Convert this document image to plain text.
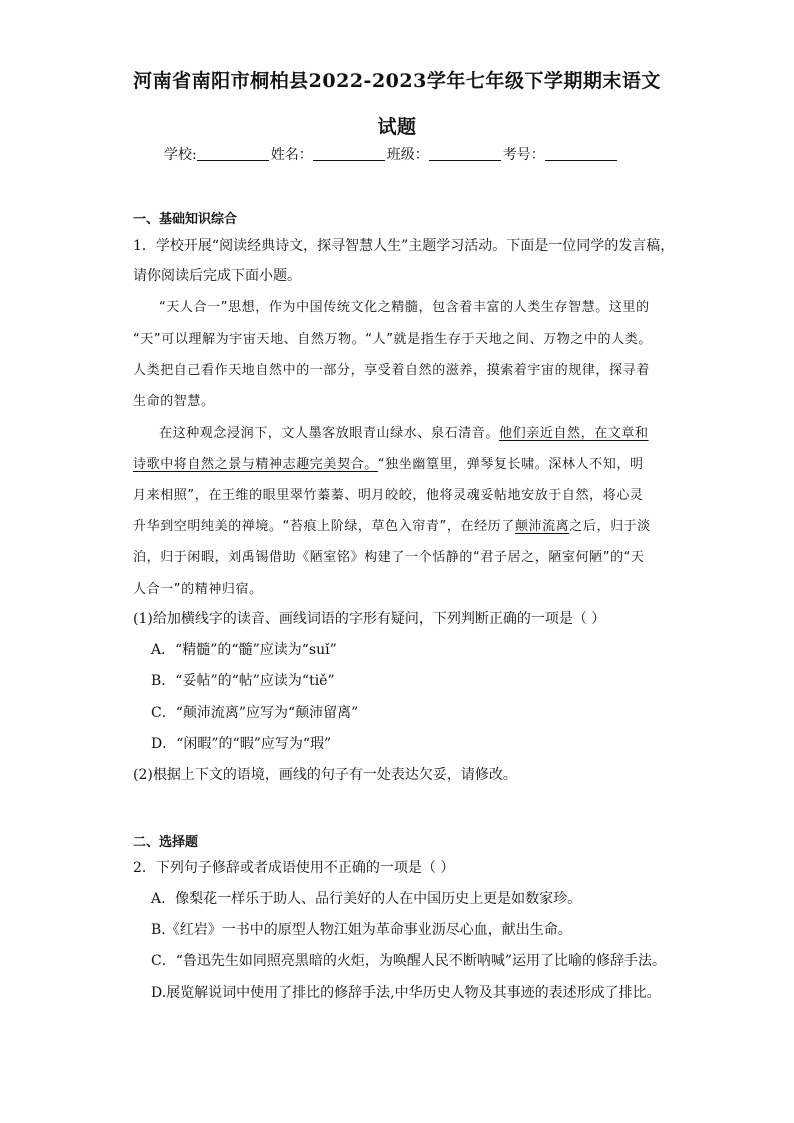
河南省南阳市桐柏县2022-2023学年七年级下学期期末语文
试题
学校:	姓名：	班级：	考号：
一、基础知识综合
1．学校开展“阅读经典诗文，探寻智慧人生”主题学习活动。下面是一位同学的发言稿，
请你阅读后完成下面小题。
“天人合一”思想，作为中国传统文化之精髓，包含着丰富的人类生存智慧。这里的
“天”可以理解为宇宙天地、自然万物。“人”就是指生存于天地之间、万物之中的人类。
人类把自己看作天地自然中的一部分，享受着自然的滋养，摸索着宇宙的规律，探寻着
生命的智慧。
在这种观念浸润下，文人墨客放眼青山绿水、泉石清音。他们亲近自然，在文章和
诗歌中将自然之景与精神志趣完美契合。“独坐幽篁里，弹琴复长啸。深林人不知，明
月来相照”，在王维的眼里翠竹蓁蓁、明月皎皎，他将灵魂妥帖地安放于自然，将心灵
升华到空明纯美的禅境。“苔痕上阶绿，草色入帘青”，在经历了颠沛流离之后，归于淡
泊，归于闲暇，刘禹锡借助《陋室铭》构建了一个恬静的“君子居之，陋室何陋”的“天
人合一”的精神归宿。
(1)给加横线字的读音、画线词语的字形有疑问，下列判断正确的一项是（ ）
A．“精髓”的“髓”应读为“suǐ”
B．“妥帖”的“帖”应读为“tiě”
C．“颠沛流离”应写为“颠沛留离”
D．“闲暇”的“暇”应写为“瑕”
(2)根据上下文的语境，画线的句子有一处表达欠妥，请修改。
二、选择题
2．下列句子修辞或者成语使用不正确的一项是（ ）
A．像梨花一样乐于助人、品行美好的人在中国历史上更是如数家珍。
B.《红岩》一书中的原型人物江姐为革命事业沥尽心血，献出生命。
C．“鲁迅先生如同照亮黑暗的火炬，为唤醒人民不断呐喊”运用了比喻的修辞手法。
D.展览解说词中使用了排比的修辞手法,中华历史人物及其事迹的表述形成了排比。
